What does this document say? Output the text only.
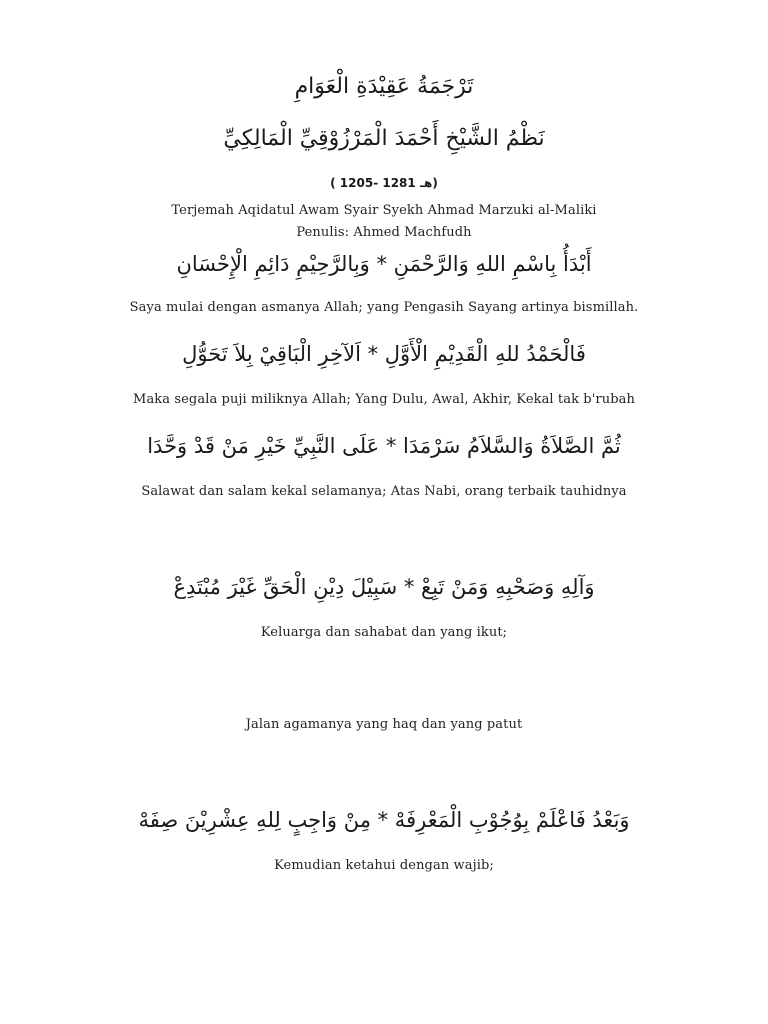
تَرْجَمَةُ عَقِيْدَةِ الْعَوَامِ
نَظْمُ الشَّيْخِ أَحْمَدَ الْمَرْزُوْقِيِّ الْمَالِكِيِّ
( 1205- 1281 هـ)
Terjemah Aqidatul Awam Syair Syekh Ahmad Marzuki al-Maliki
Penulis: Ahmed Machfudh
أَبْدَأُ بِاسْمِ اللهِ وَالرَّحْمَنِ * وَبِالرَّحِيْمِ دَائِمِ الْإِحْسَانِ
Saya mulai dengan asmanya Allah; yang Pengasih Sayang artinya bismillah.
فَالْحَمْدُ للهِ الْقَدِيْمِ الْأَوَّلِ * اَلآخِرِ الْبَاقِيْ بِلاَ تَحَوُّلِ
Maka segala puji miliknya Allah; Yang Dulu, Awal, Akhir, Kekal tak b'rubah
ثُمَّ الصَّلاَةُ وَالسَّلاَمُ سَرْمَدَا * عَلَى النَّبِيِّ خَيْرِ مَنْ قَدْ وَحَّدَا
Salawat dan salam kekal selamanya; Atas Nabi, orang terbaik tauhidnya
وَآلِهِ وَصَحْبِهِ وَمَنْ تَبِعْ * سَبِيْلَ دِيْنِ الْحَقِّ غَيْرَ مُبْتَدِعْ
Keluarga dan sahabat dan yang ikut;
Jalan agamanya yang haq dan yang patut
وَبَعْدُ فَاعْلَمْ بِوُجُوْبِ الْمَعْرِفَهْ * مِنْ وَاجِبٍ لِلهِ عِشْرِيْنَ صِفَهْ
Kemudian ketahui dengan wajib;
